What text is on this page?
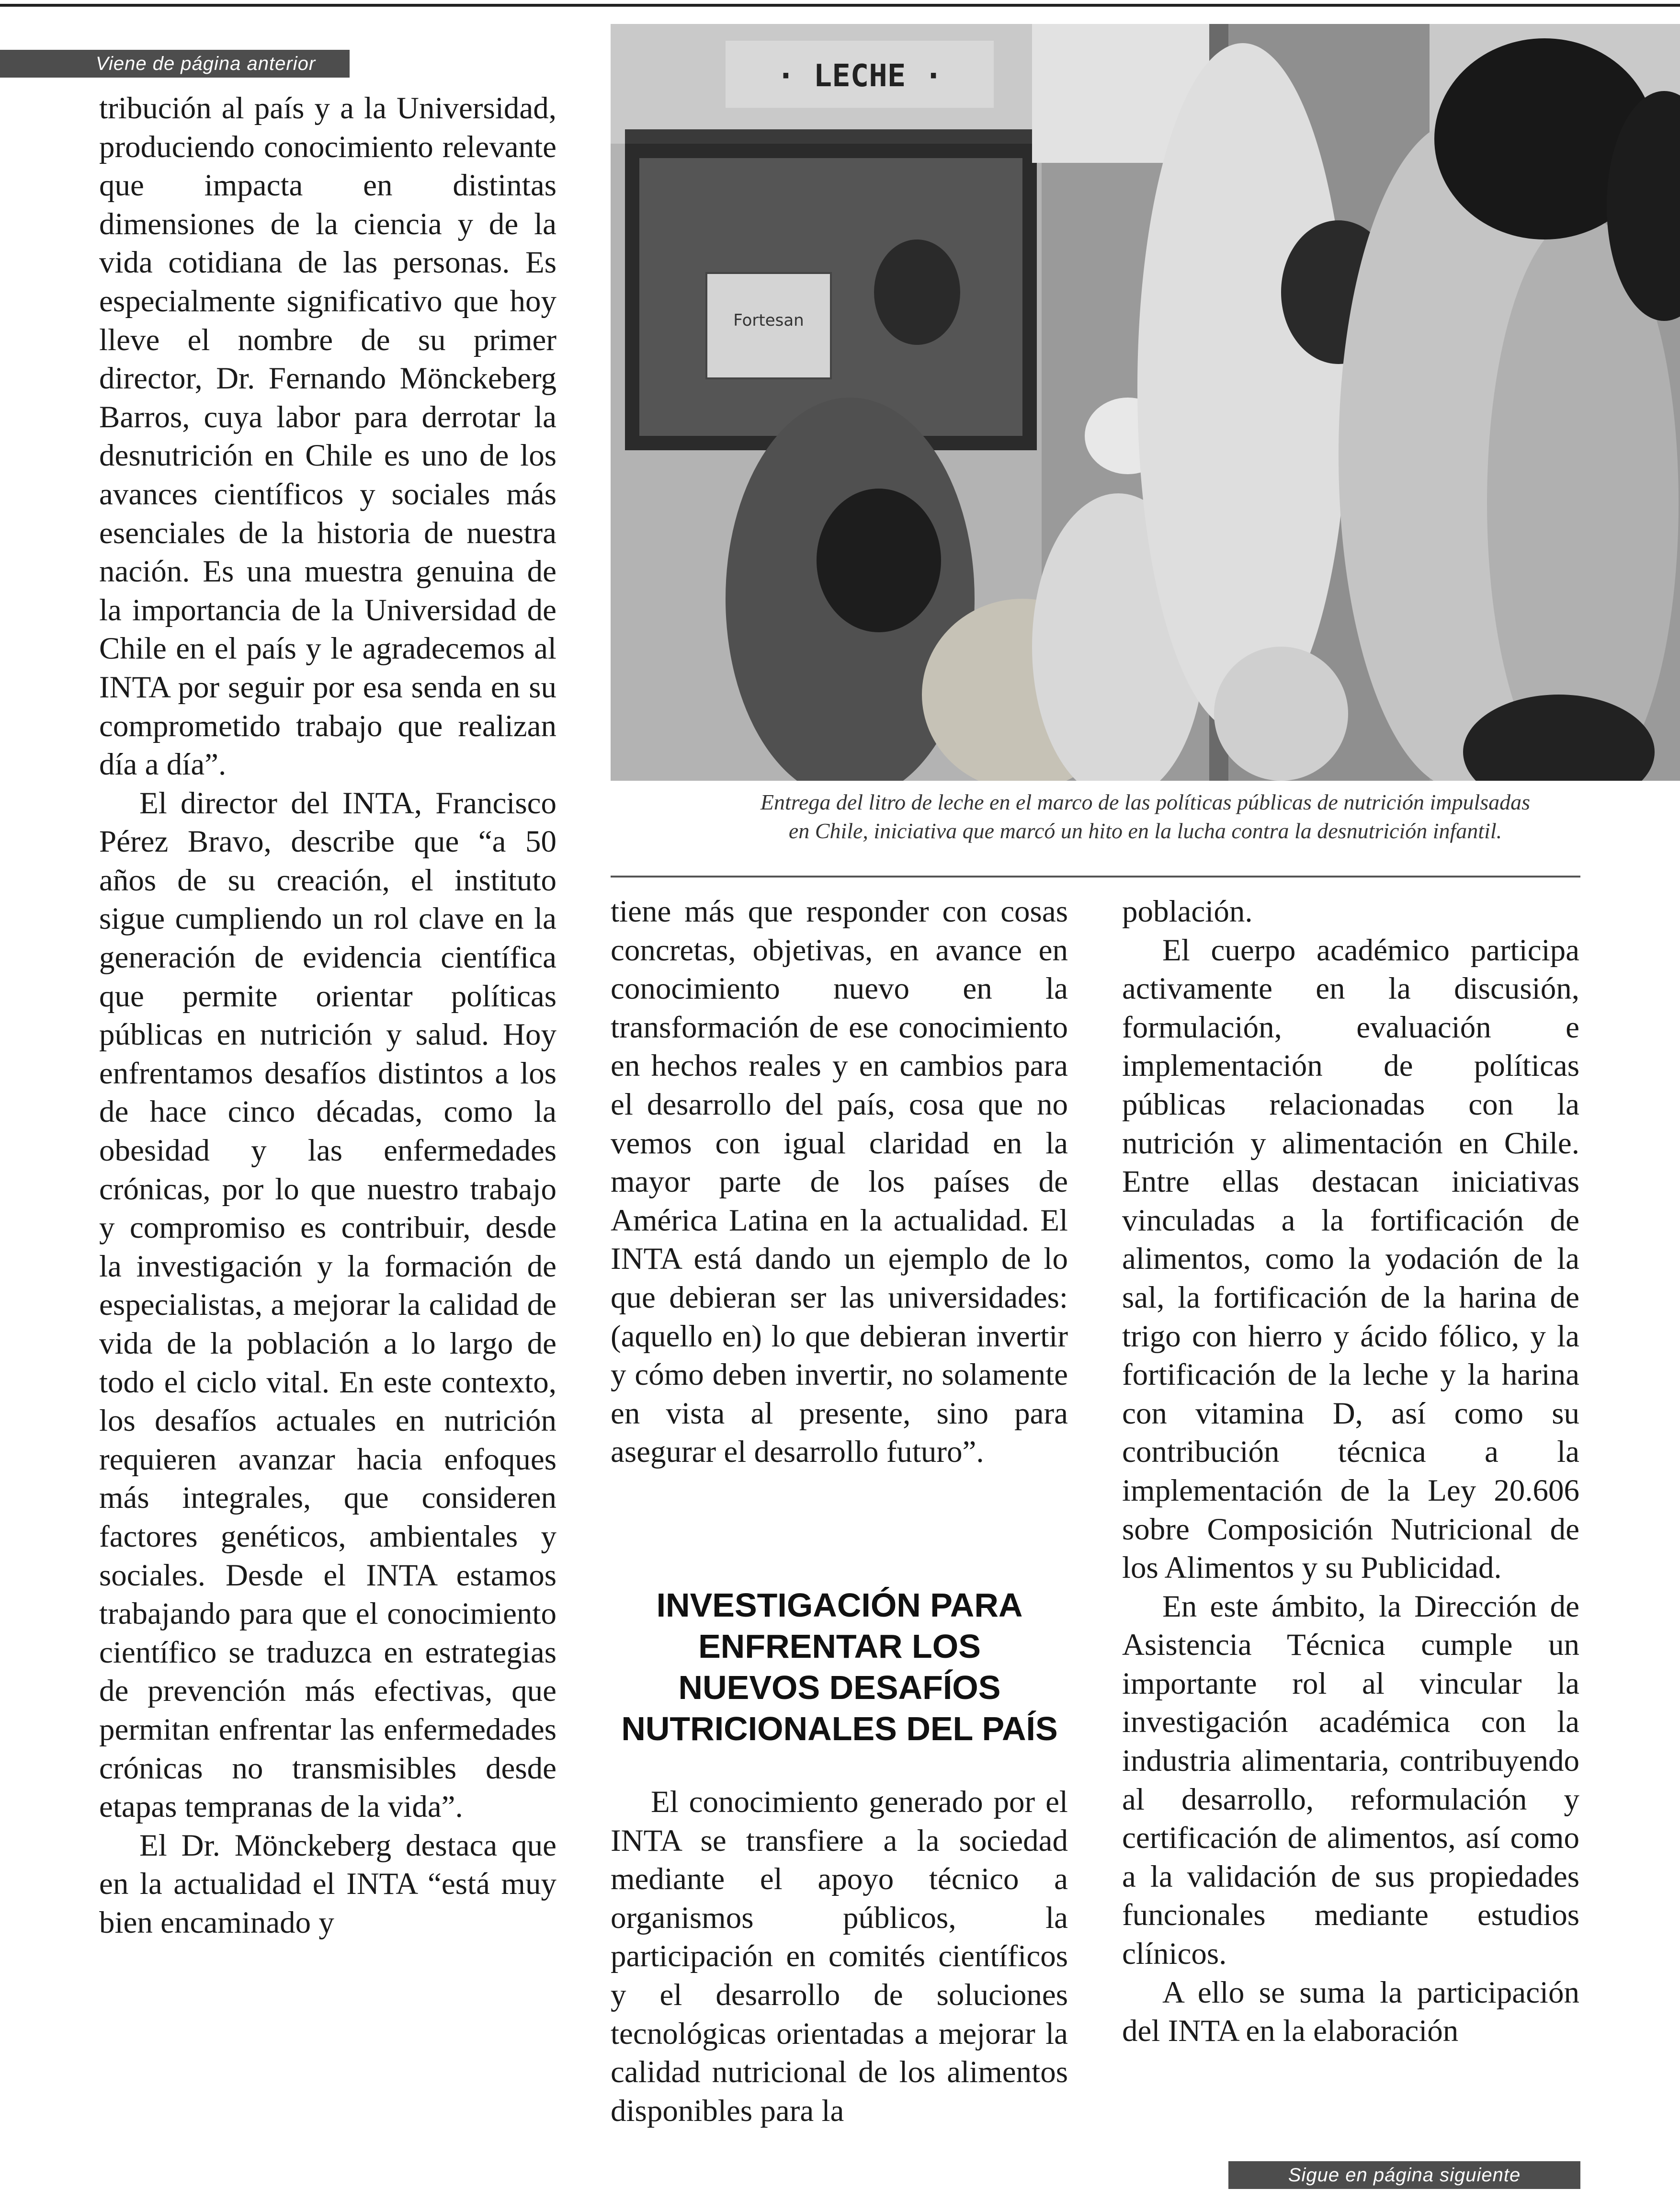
Viene de página anterior

tribución al país y a la Universidad, produciendo conocimiento relevante que impacta en distintas dimensiones de la ciencia y de la vida cotidiana de las personas. Es especialmente significativo que hoy lleve el nombre de su primer director, Dr. Fernando Mönckeberg Barros, cuya labor para derrotar la desnutrición en Chile es uno de los avances científicos y sociales más esenciales de la historia de nuestra nación. Es una muestra genuina de la importancia de la Universidad de Chile en el país y le agradecemos al INTA por seguir por esa senda en su comprometido trabajo que realizan día a día”.

El director del INTA, Francisco Pérez Bravo, describe que “a 50 años de su creación, el instituto sigue cumpliendo un rol clave en la generación de evidencia científica que permite orientar políticas públicas en nutrición y salud. Hoy enfrentamos desafíos distintos a los de hace cinco décadas, como la obesidad y las enfermedades crónicas, por lo que nuestro trabajo y compromiso es contribuir, desde la investigación y la formación de especialistas, a mejorar la calidad de vida de la población a lo largo de todo el ciclo vital. En este contexto, los desafíos actuales en nutrición requieren avanzar hacia enfoques más integrales, que consideren factores genéticos, ambientales y sociales. Desde el INTA estamos trabajando para que el conocimiento científico se traduzca en estrategias de prevención más efectivas, que permitan enfrentar las enfermedades crónicas no transmisibles desde etapas tempranas de la vida”.

El Dr. Mönckeberg destaca que en la actualidad el INTA “está muy bien encaminado y

· LECHE ·
Fortesan
Entrega del litro de leche en el marco de las políticas públicas de nutrición impulsadas
en Chile, iniciativa que marcó un hito en la lucha contra la desnutrición infantil.

tiene más que responder con cosas concretas, objetivas, en avance en conocimiento nuevo en la transformación de ese conocimiento en hechos reales y en cambios para el desarrollo del país, cosa que no vemos con igual claridad en la mayor parte de los países de América Latina en la actualidad. El INTA está dando un ejemplo de lo que debieran ser las universidades: (aquello en) lo que debieran invertir y cómo deben invertir, no solamente en vista al presente, sino para asegurar el desarrollo futuro”.

INVESTIGACIÓN PARA
ENFRENTAR LOS
NUEVOS DESAFÍOS
NUTRICIONALES DEL PAÍS

El conocimiento generado por el INTA se transfiere a la sociedad mediante el apoyo técnico a organismos públicos, la participación en comités científicos y el desarrollo de soluciones tecnológicas orientadas a mejorar la calidad nutricional de los alimentos disponibles para la

población.

El cuerpo académico participa activamente en la discusión, formulación, evaluación e implementación de políticas públicas relacionadas con la nutrición y alimentación en Chile. Entre ellas destacan iniciativas vinculadas a la fortificación de alimentos, como la yodación de la sal, la fortificación de la harina de trigo con hierro y ácido fólico, y la fortificación de la leche y la harina con vitamina D, así como su contribución técnica a la implementación de la Ley 20.606 sobre Composición Nutricional de los Alimentos y su Publicidad.

En este ámbito, la Dirección de Asistencia Técnica cumple un importante rol al vincular la investigación académica con la industria alimentaria, contribuyendo al desarrollo, reformulación y certificación de alimentos, así como a la validación de sus propiedades funcionales mediante estudios clínicos.

A ello se suma la participación del INTA en la elaboración

Sigue en página siguiente
